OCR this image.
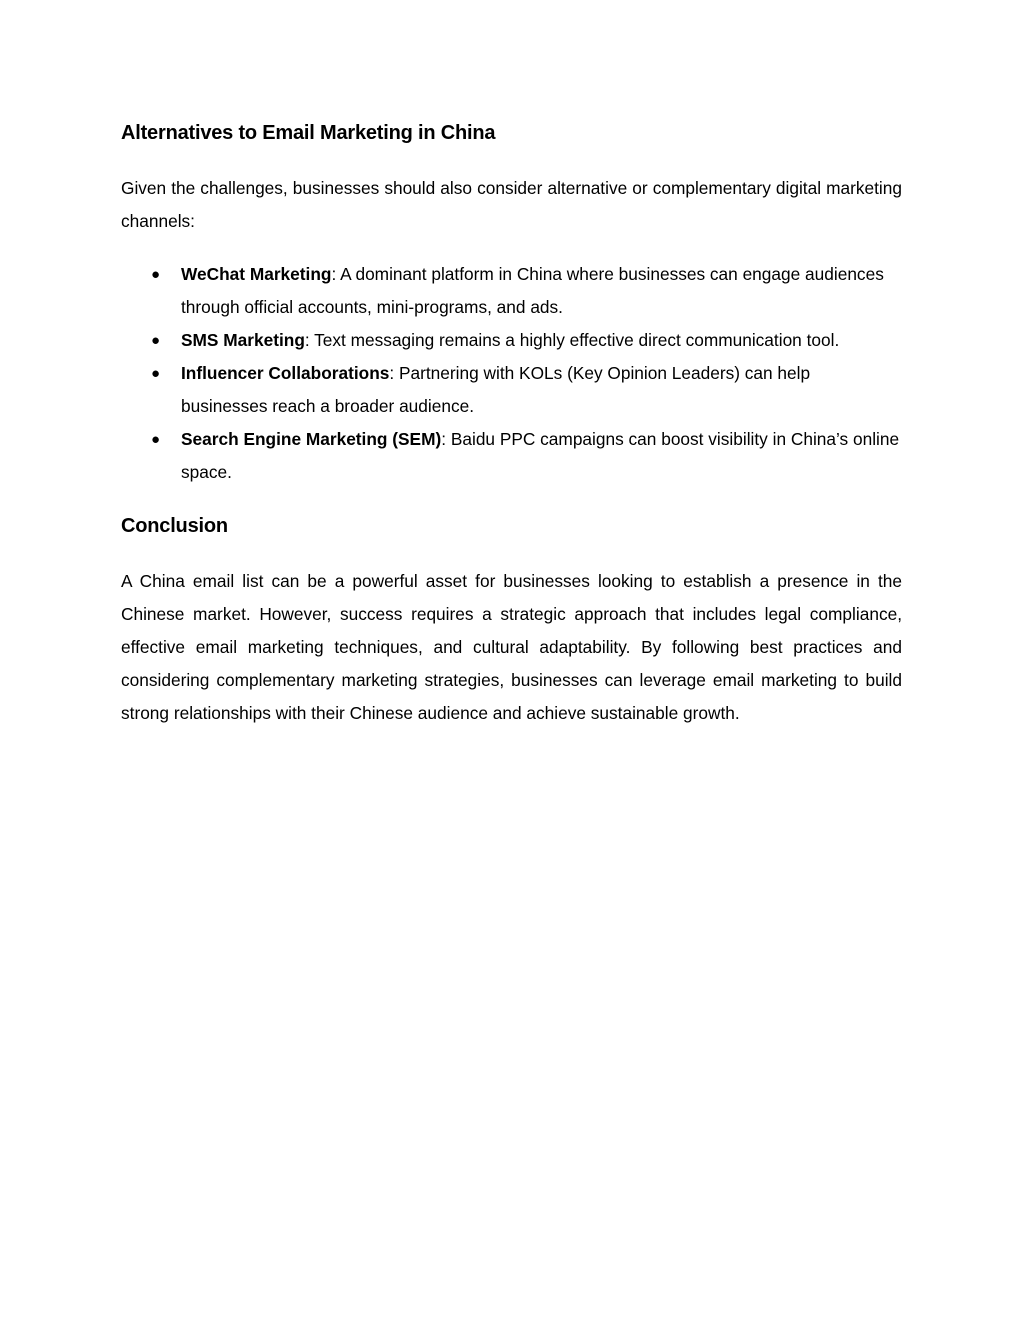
Alternatives to Email Marketing in China

Given the challenges, businesses should also consider alternative or complementary digital marketing channels:

● WeChat Marketing: A dominant platform in China where businesses can engage audiences through official accounts, mini-programs, and ads.
● SMS Marketing: Text messaging remains a highly effective direct communication tool.
● Influencer Collaborations: Partnering with KOLs (Key Opinion Leaders) can help businesses reach a broader audience.
● Search Engine Marketing (SEM): Baidu PPC campaigns can boost visibility in China’s online space.
Conclusion

A China email list can be a powerful asset for businesses looking to establish a presence in the Chinese market. However, success requires a strategic approach that includes legal compliance, effective email marketing techniques, and cultural adaptability. By following best practices and considering complementary marketing strategies, businesses can leverage email marketing to build strong relationships with their Chinese audience and achieve sustainable growth.
